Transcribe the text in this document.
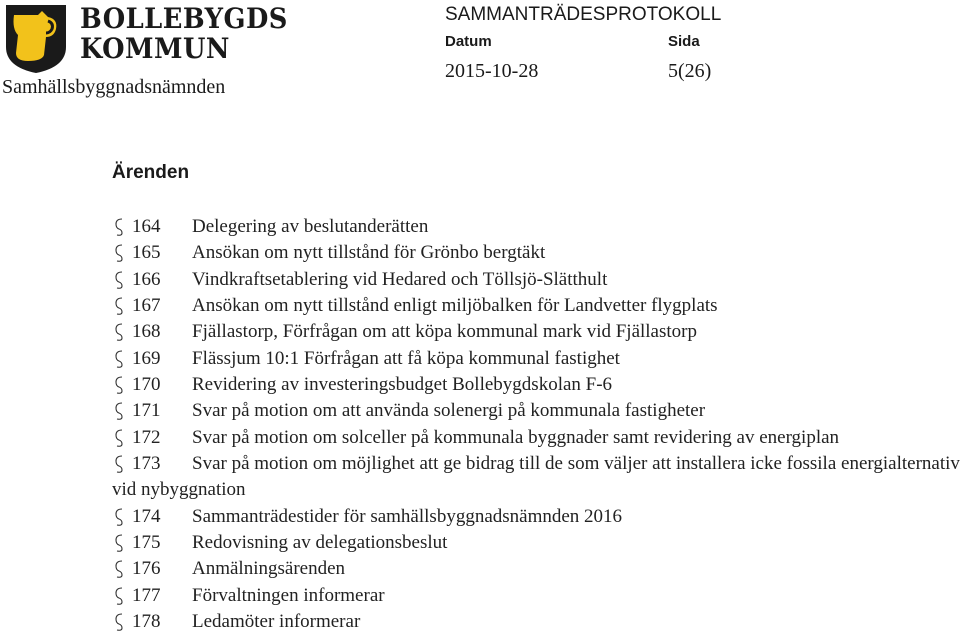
BOLLEBYGDS
KOMMUN
Samhällsbyggnadsnämnden
SAMMANTRÄDESPROTOKOLL
Datum	Sida
2015-10-28	5(26)
Ärenden
164 Delegering av beslutanderätten
165 Ansökan om nytt tillstånd för Grönbo bergtäkt
166 Vindkraftsetablering vid Hedared och Töllsjö-Slätthult
167 Ansökan om nytt tillstånd enligt miljöbalken för Landvetter flygplats
168 Fjällastorp, Förfrågan om att köpa kommunal mark vid Fjällastorp
169 Flässjum 10:1 Förfrågan att få köpa kommunal fastighet
170 Revidering av investeringsbudget Bollebygdskolan F-6
171 Svar på motion om att använda solenergi på kommunala fastigheter
172 Svar på motion om solceller på kommunala byggnader samt revidering av energiplan
173	Svar på motion om möjlighet att ge bidrag till de som väljer att installera icke fossila energialternativ vid nybyggnation
174 Sammanträdestider för samhällsbyggnadsnämnden 2016
175 Redovisning av delegationsbeslut
176 Anmälningsärenden
177 Förvaltningen informerar
178 Ledamöter informerar
